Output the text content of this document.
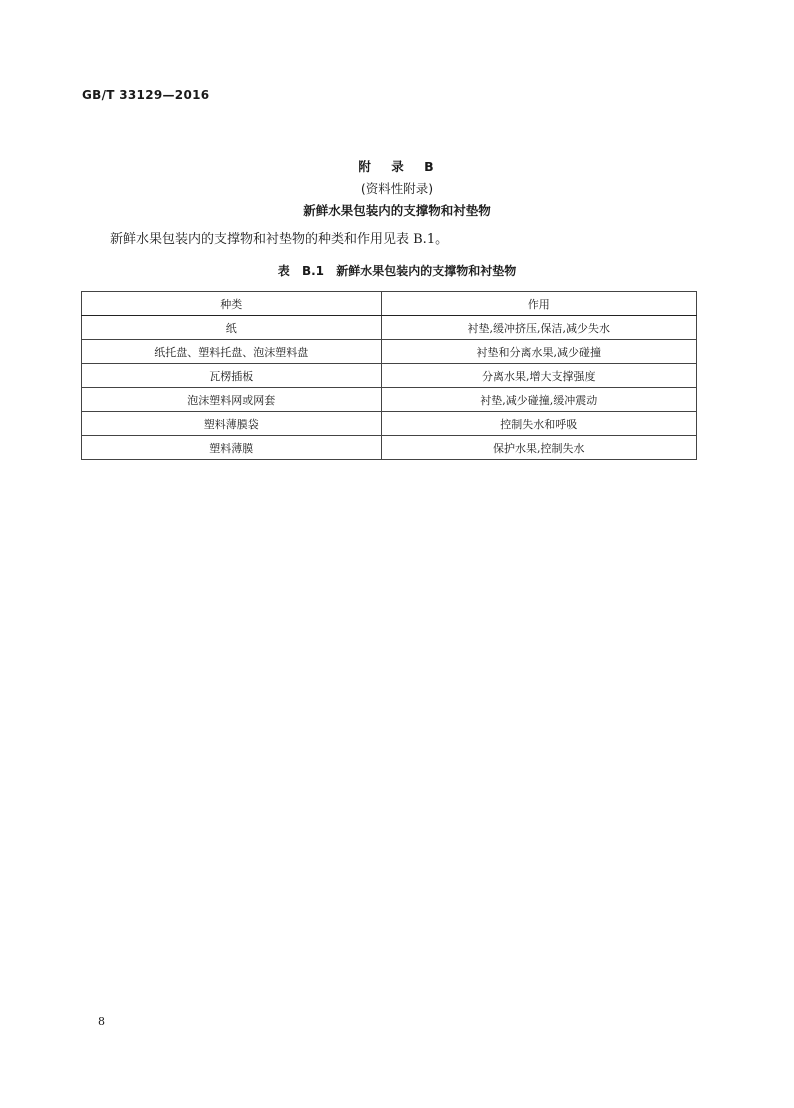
GB/T 33129—2016
附 录 B
(资料性附录)
新鲜水果包装内的支撑物和衬垫物
新鲜水果包装内的支撑物和衬垫物的种类和作用见表 B.1。
表 B.1 新鲜水果包装内的支撑物和衬垫物
种类	作用
纸	衬垫,缓冲挤压,保洁,减少失水
纸托盘、塑料托盘、泡沫塑料盘	衬垫和分离水果,减少碰撞
瓦楞插板	分离水果,增大支撑强度
泡沫塑料网或网套	衬垫,减少碰撞,缓冲震动
塑料薄膜袋	控制失水和呼吸
塑料薄膜	保护水果,控制失水
8
